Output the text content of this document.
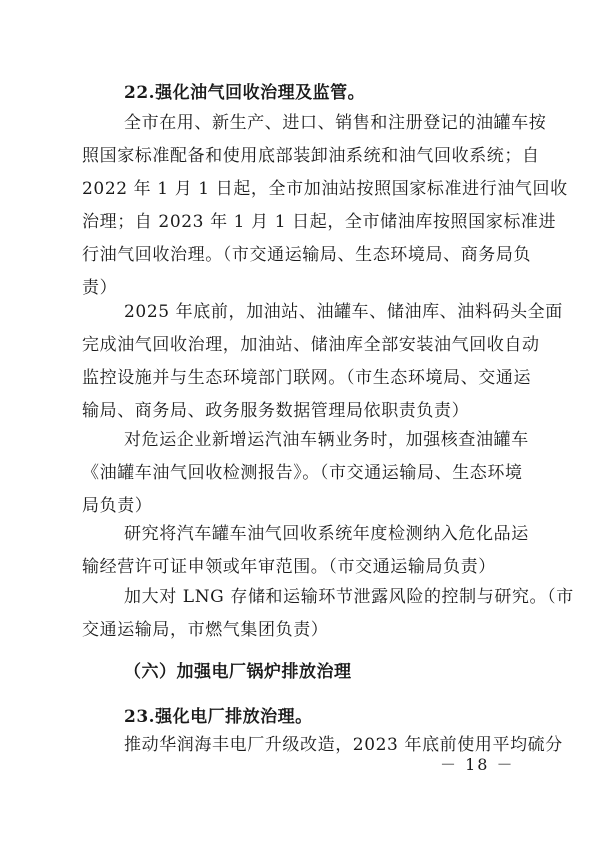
22.强化油气回收治理及监管。
全市在用、新生产、进口、销售和注册登记的油罐车按
照国家标准配备和使用底部装卸油系统和油气回收系统；自
2022 年 1 月 1 日起，全市加油站按照国家标准进行油气回收
治理；自 2023 年 1 月 1 日起，全市储油库按照国家标准进
行油气回收治理。（市交通运输局、生态环境局、商务局负
责）
2025 年底前，加油站、油罐车、储油库、油料码头全面
完成油气回收治理，加油站、储油库全部安装油气回收自动
监控设施并与生态环境部门联网。（市生态环境局、交通运
输局、商务局、政务服务数据管理局依职责负责）
对危运企业新增运汽油车辆业务时，加强核查油罐车
《油罐车油气回收检测报告》。（市交通运输局、生态环境
局负责）
研究将汽车罐车油气回收系统年度检测纳入危化品运
输经营许可证申领或年审范围。（市交通运输局负责）
加大对 LNG 存储和运输环节泄露风险的控制与研究。（市
交通运输局，市燃气集团负责）
（六）加强电厂锅炉排放治理
23.强化电厂排放治理。
推动华润海丰电厂升级改造，2023 年底前使用平均硫分
－ 18 －
